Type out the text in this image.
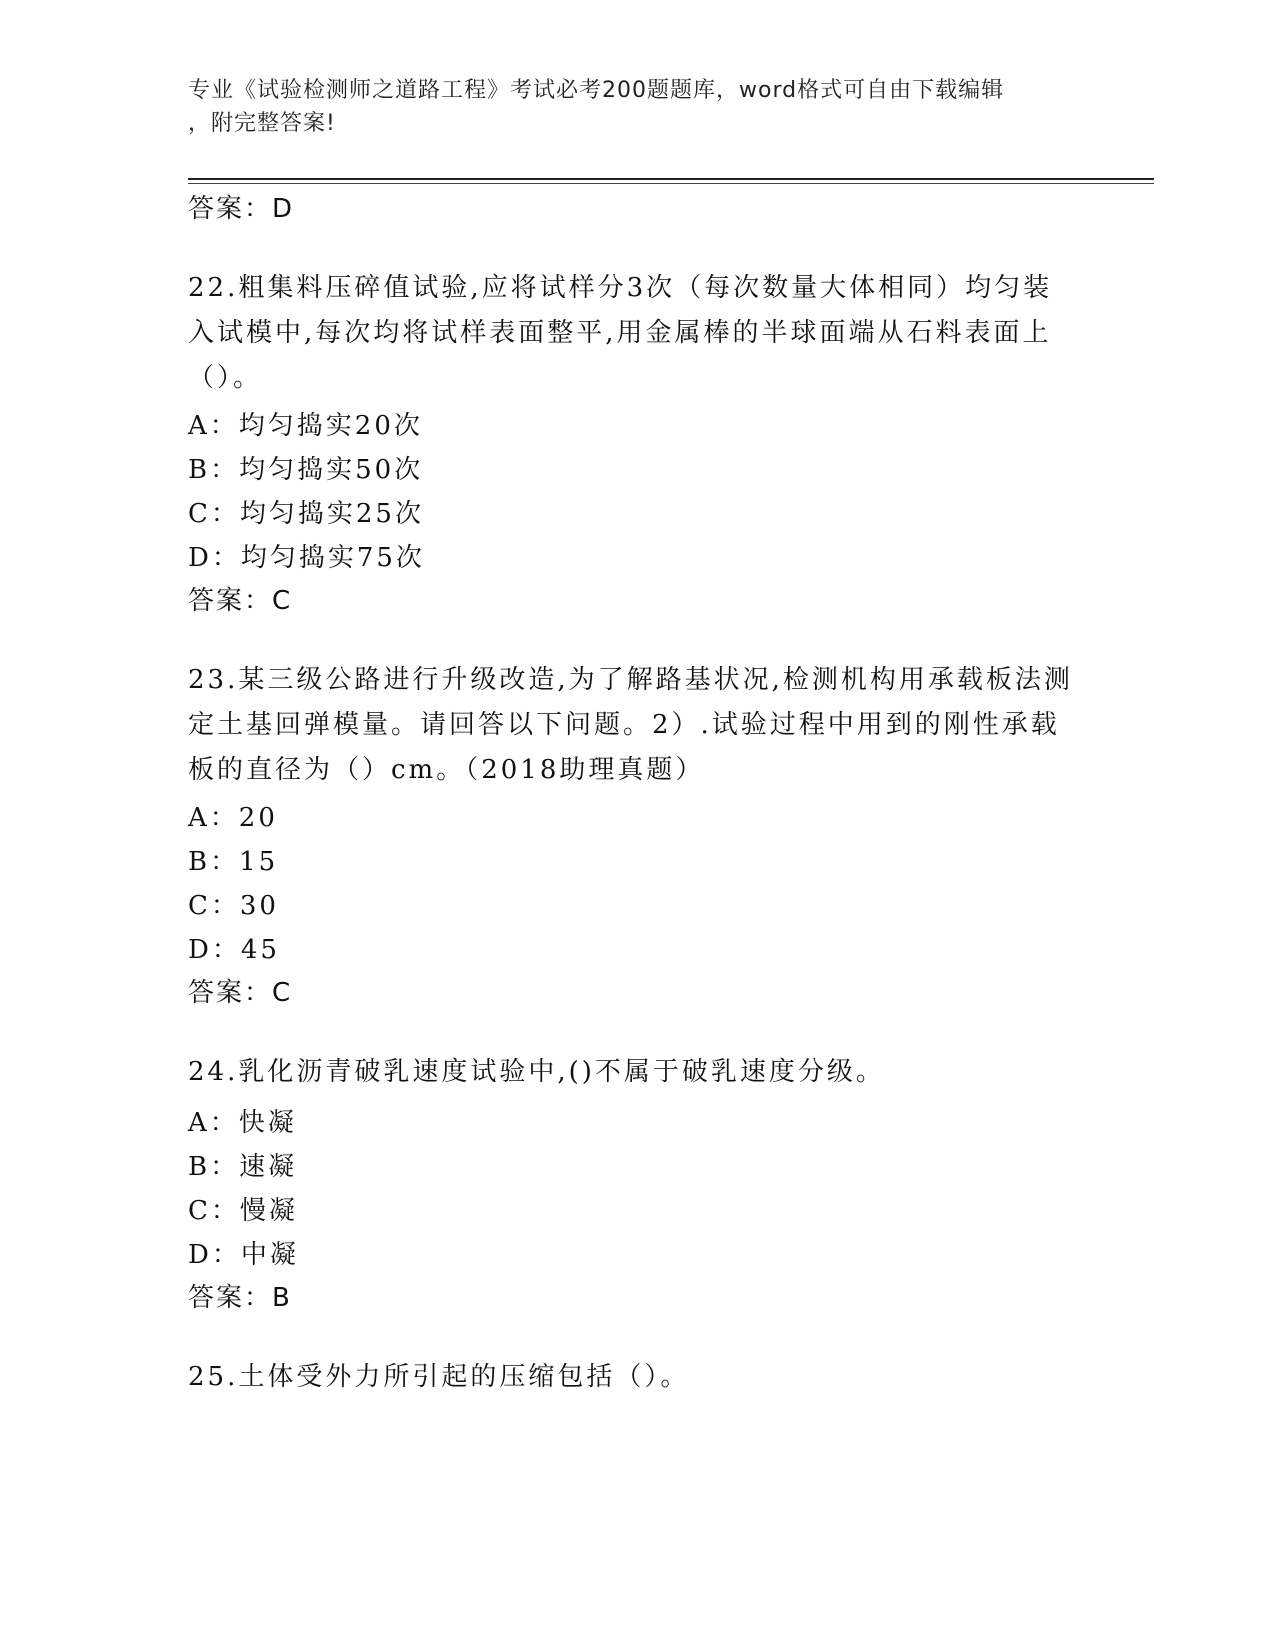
专业《试验检测师之道路工程》考试必考200题题库，word格式可自由下载编辑

，附完整答案!

答案：D

22.粗集料压碎值试验,应将试样分3次（每次数量大体相同）均匀装

入试模中,每次均将试样表面整平,用金属棒的半球面端从石料表面上

（）。

A：均匀捣实20次
B：均匀捣实50次
C：均匀捣实25次
D：均匀捣实75次
答案：C

23.某三级公路进行升级改造,为了解路基状况,检测机构用承载板法测

定土基回弹模量。请回答以下问题。2）.试验过程中用到的刚性承载

板的直径为（）cm。（2018助理真题）

A：20
B：15
C：30
D：45
答案：C

24.乳化沥青破乳速度试验中,()不属于破乳速度分级。

A：快凝
B：速凝
C：慢凝
D：中凝
答案：B

25.土体受外力所引起的压缩包括（）。
